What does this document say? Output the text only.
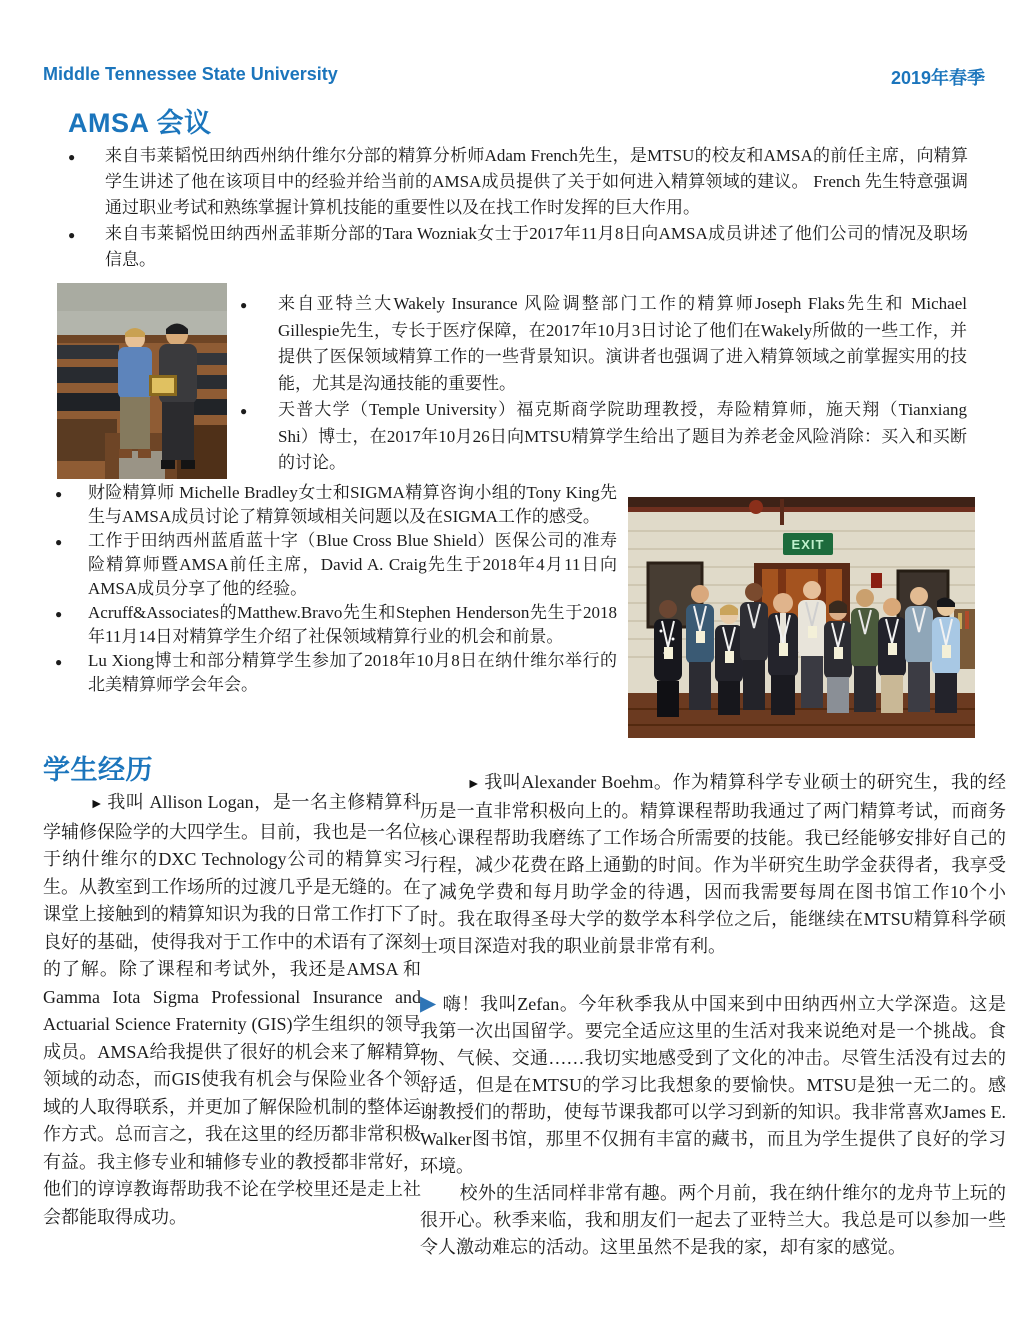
Middle Tennessee State University	2019年春季
AMSA 会议
●	来自韦莱韬悦田纳西州纳什维尔分部的精算分析师Adam French先生，是MTSU的校友和AMSA的前任主席，向精算学生讲述了他在该项目中的经验并给当前的AMSA成员提供了关于如何进入精算领域的建议。 French 先生特意强调通过职业考试和熟练掌握计算机技能的重要性以及在找工作时发挥的巨大作用。
●	来自韦莱韬悦田纳西州孟菲斯分部的Tara Wozniak女士于2017年11月8日向AMSA成员讲述了他们公司的情况及职场信息。
●	来自亚特兰大Wakely Insurance 风险调整部门工作的精算师Joseph Flaks先生和 Michael Gillespie先生，专长于医疗保障，在2017年10月3日讨论了他们在Wakely所做的一些工作，并提供了医保领域精算工作的一些背景知识。演讲者也强调了进入精算领域之前掌握实用的技能，尤其是沟通技能的重要性。
●	天普大学（Temple University）福克斯商学院助理教授，寿险精算师，施天翔（Tianxiang Shi）博士，在2017年10月26日向MTSU精算学生给出了题目为养老金风险消除：买入和买断的讨论。
●	财险精算师 Michelle Bradley女士和SIGMA精算咨询小组的Tony King先生与AMSA成员讨论了精算领域相关问题以及在SIGMA工作的感受。
●	工作于田纳西州蓝盾蓝十字（Blue Cross Blue Shield）医保公司的准寿险精算师暨AMSA前任主席，David A. Craig先生于2018年4月11日向AMSA成员分享了他的经验。
●	Acruff&Associates的Matthew.Bravo先生和Stephen Henderson先生于2018年11月14日对精算学生介绍了社保领域精算行业的机会和前景。
●	Lu Xiong博士和部分精算学生参加了2018年10月8日在纳什维尔举行的北美精算师学会年会。
EXIT
学生经历

► 我叫 Allison Logan，是一名主修精算科学辅修保险学的大四学生。目前，我也是一名位于纳什维尔的DXC Technology公司的精算实习生。从教室到工作场所的过渡几乎是无缝的。在课堂上接触到的精算知识为我的日常工作打下了良好的基础，使得我对于工作中的术语有了深刻的了解。除了课程和考试外，我还是AMSA 和 Gamma Iota Sigma Professional Insurance and Actuarial Science Fraternity (GIS)学生组织的领导成员。AMSA给我提供了很好的机会来了解精算领域的动态，而GIS使我有机会与保险业各个领域的人取得联系，并更加了解保险机制的整体运作方式。总而言之，我在这里的经历都非常积极有益。我主修专业和辅修专业的教授都非常好，他们的谆谆教诲帮助我不论在学校里还是走上社会都能取得成功。

► 我叫Alexander Boehm。作为精算科学专业硕士的研究生，我的经历是一直非常积极向上的。精算课程帮助我通过了两门精算考试，而商务核心课程帮助我磨练了工作场合所需要的技能。我已经能够安排好自己的行程，减少花费在路上通勤的时间。作为半研究生助学金获得者，我享受了减免学费和每月助学金的待遇，因而我需要每周在图书馆工作10个小时。我在取得圣母大学的数学本科学位之后，能继续在MTSU精算科学硕士项目深造对我的职业前景非常有利。

▶ 嗨！我叫Zefan。今年秋季我从中国来到中田纳西州立大学深造。这是我第一次出国留学。要完全适应这里的生活对我来说绝对是一个挑战。食物、气候、交通……我切实地感受到了文化的冲击。尽管生活没有过去的舒适，但是在MTSU的学习比我想象的要愉快。MTSU是独一无二的。感谢教授们的帮助，使每节课我都可以学习到新的知识。我非常喜欢James E. Walker图书馆，那里不仅拥有丰富的藏书，而且为学生提供了良好的学习环境。

校外的生活同样非常有趣。两个月前，我在纳什维尔的龙舟节上玩的很开心。秋季来临，我和朋友们一起去了亚特兰大。我总是可以参加一些令人激动难忘的活动。这里虽然不是我的家，却有家的感觉。
